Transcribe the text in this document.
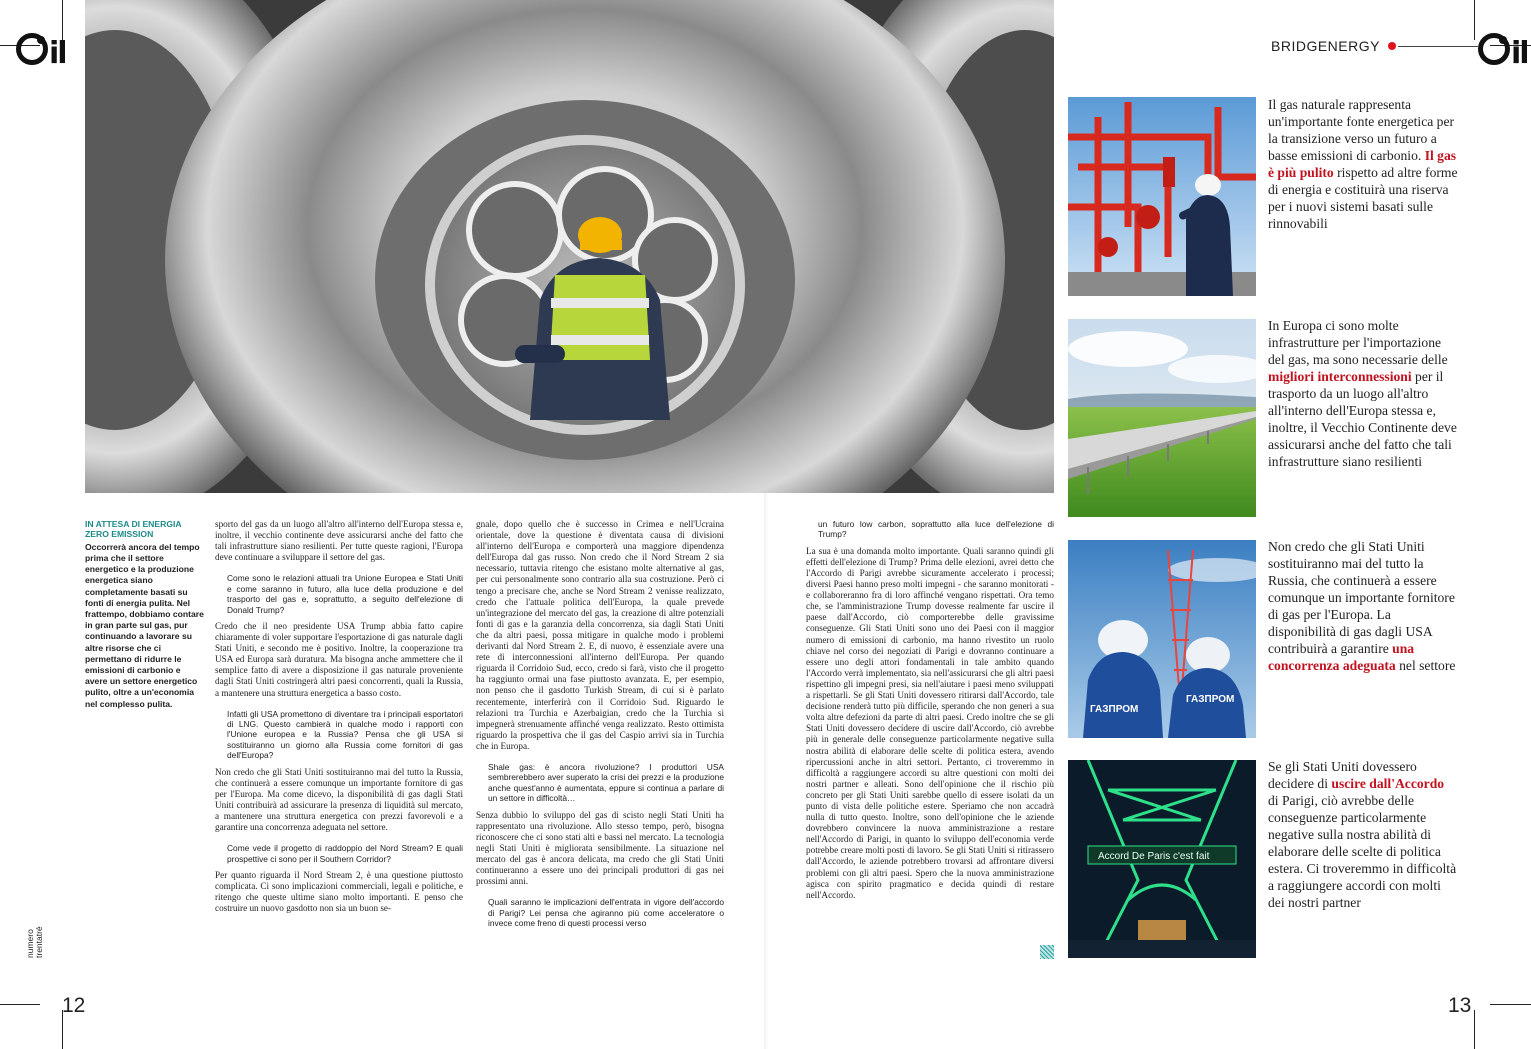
il	il
BRIDGENERGY
IN ATTESA DI ENERGIA
ZERO EMISSION

Occorrerà ancora del tempo prima che il settore energetico e la produzione energetica siano completamente basati su fonti di energia pulita. Nel frattempo, dobbiamo contare in gran parte sul gas, pur continuando a lavorare su altre risorse che ci permettano di ridurre le emissioni di carbonio e avere un settore energetico pulito, oltre a un'economia nel complesso pulita.

sporto del gas da un luogo all'altro all'interno dell'Europa stessa e, inoltre, il vecchio continente deve assicurarsi anche del fatto che tali infrastrutture siano resilienti. Per tutte queste ragioni, l'Europa deve continuare a sviluppare il settore del gas.

Come sono le relazioni attuali tra Unione Europea e Stati Uniti e come saranno in futuro, alla luce della produzione e del trasporto del gas e, soprattutto, a seguito dell'elezione di Donald Trump?

Credo che il neo presidente USA Trump abbia fatto capire chiaramente di voler supportare l'esportazione di gas naturale dagli Stati Uniti, e secondo me è positivo. Inoltre, la cooperazione tra USA ed Europa sarà duratura. Ma bisogna anche ammettere che il semplice fatto di avere a disposizione il gas naturale proveniente dagli Stati Uniti costringerà altri paesi concorrenti, quali la Russia, a mantenere una struttura energetica a basso costo.

Infatti gli USA promettono di diventare tra i principali esportatori di LNG. Questo cambierà in qualche modo i rapporti con l'Unione europea e la Russia? Pensa che gli USA si sostituiranno un giorno alla Russia come fornitori di gas dell'Europa?

Non credo che gli Stati Uniti sostituiranno mai del tutto la Russia, che continuerà a essere comunque un importante fornitore di gas per l'Europa. Ma come dicevo, la disponibilità di gas dagli Stati Uniti contribuirà ad assicurare la presenza di liquidità sul mercato, a mantenere una struttura energetica con prezzi favorevoli e a garantire una concorrenza adeguata nel settore.

Come vede il progetto di raddoppio del Nord Stream? E quali prospettive ci sono per il Southern Corridor?

Per quanto riguarda il Nord Stream 2, è una questione piuttosto complicata. Ci sono implicazioni commerciali, legali e politiche, e ritengo che queste ultime siano molto importanti. E penso che costruire un nuovo gasdotto non sia un buon se-

gnale, dopo quello che è successo in Crimea e nell'Ucraina orientale, dove la questione è diventata causa di divisioni all'interno dell'Europa e comporterà una maggiore dipendenza dell'Europa dal gas russo. Non credo che il Nord Stream 2 sia necessario, tuttavia ritengo che esistano molte alternative al gas, per cui personalmente sono contrario alla sua costruzione. Però ci tengo a precisare che, anche se Nord Stream 2 venisse realizzato, credo che l'attuale politica dell'Europa, la quale prevede un'integrazione del mercato del gas, la creazione di altre potenziali fonti di gas e la garanzia della concorrenza, sia dagli Stati Uniti che da altri paesi, possa mitigare in qualche modo i problemi derivanti dal Nord Stream 2. E, di nuovo, è essenziale avere una rete di interconnessioni all'interno dell'Europa. Per quando riguarda il Corridoio Sud, ecco, credo si farà, visto che il progetto ha raggiunto ormai una fase piuttosto avanzata. E, per esempio, non penso che il gasdotto Turkish Stream, di cui si è parlato recentemente, interferirà con il Corridoio Sud. Riguardo le relazioni tra Turchia e Azerbaigian, credo che la Turchia si impegnerà strenuamente affinché venga realizzato. Resto ottimista riguardo la prospettiva che il gas del Caspio arrivi sia in Turchia che in Europa.

Shale gas: è ancora rivoluzione? I produttori USA sembrerebbero aver superato la crisi dei prezzi e la produzione anche quest'anno è aumentata, eppure si continua a parlare di un settore in difficoltà…

Senza dubbio lo sviluppo del gas di scisto negli Stati Uniti ha rappresentato una rivoluzione. Allo stesso tempo, però, bisogna riconoscere che ci sono stati alti e bassi nel mercato. La tecnologia negli Stati Uniti è migliorata sensibilmente. La situazione nel mercato del gas è ancora delicata, ma credo che gli Stati Uniti continueranno a essere uno dei principali produttori di gas nei prossimi anni.

Quali saranno le implicazioni dell'entrata in vigore dell'accordo di Parigi? Lei pensa che agiranno più come acceleratore o invece come freno di questi processi verso

un futuro low carbon, soprattutto alla luce dell'elezione di Trump?

La sua è una domanda molto importante. Quali saranno quindi gli effetti dell'elezione di Trump? Prima delle elezioni, avrei detto che l'Accordo di Parigi avrebbe sicuramente accelerato i processi; diversi Paesi hanno preso molti impegni - che saranno monitorati - e collaboreranno fra di loro affinché vengano rispettati. Ora temo che, se l'amministrazione Trump dovesse realmente far uscire il paese dall'Accordo, ciò comporterebbe delle gravissime conseguenze. Gli Stati Uniti sono uno dei Paesi con il maggior numero di emissioni di carbonio, ma hanno rivestito un ruolo chiave nel corso dei negoziati di Parigi e dovranno continuare a essere uno degli attori fondamentali in tale ambito quando l'Accordo verrà implementato, sia nell'assicurarsi che gli altri paesi rispettino gli impegni presi, sia nell'aiutare i paesi meno sviluppati a rispettarli. Se gli Stati Uniti dovessero ritirarsi dall'Accordo, tale decisione renderà tutto più difficile, sperando che non generi a sua volta altre defezioni da parte di altri paesi. Credo inoltre che se gli Stati Uniti dovessero decidere di uscire dall'Accordo, ciò avrebbe più in generale delle conseguenze particolarmente negative sulla nostra abilità di elaborare delle scelte di politica estera, avendo ripercussioni anche in altri settori. Pertanto, ci troveremmo in difficoltà a raggiungere accordi su altre questioni con molti dei nostri partner e alleati. Sono dell'opinione che il rischio più concreto per gli Stati Uniti sarebbe quello di essere isolati da un punto di vista delle politiche estere. Speriamo che non accadrà nulla di tutto questo. Inoltre, sono dell'opinione che le aziende dovrebbero convincere la nuova amministrazione a restare nell'Accordo di Parigi, in quanto lo sviluppo dell'economia verde potrebbe creare molti posti di lavoro. Se gli Stati Uniti si ritirassero dall'Accordo, le aziende potrebbero trovarsi ad affrontare diversi problemi con gli altri paesi. Spero che la nuova amministrazione agisca con spirito pragmatico e decida quindi di restare nell'Accordo.

numero trentatré
12	13
ГАЗПРОМ
ГАЗПРОМ
Accord De Paris c'est fait
Il gas naturale rappresenta un'importante fonte energetica per la transizione verso un futuro a basse emissioni di carbonio. Il gas è più pulito rispetto ad altre forme di energia e costituirà una riserva per i nuovi sistemi basati sulle rinnovabili
In Europa ci sono molte infrastrutture per l'importazione del gas, ma sono necessarie delle migliori interconnessioni per il trasporto da un luogo all'altro all'interno dell'Europa stessa e, inoltre, il Vecchio Continente deve assicurarsi anche del fatto che tali infrastrutture siano resilienti
Non credo che gli Stati Uniti sostituiranno mai del tutto la Russia, che continuerà a essere comunque un importante fornitore di gas per l'Europa. La disponibilità di gas dagli USA contribuirà a garantire una concorrenza adeguata nel settore
Se gli Stati Uniti dovessero decidere di uscire dall'Accordo di Parigi, ciò avrebbe delle conseguenze particolarmente negative sulla nostra abilità di elaborare delle scelte di politica estera. Ci troveremmo in difficoltà a raggiungere accordi con molti dei nostri partner
